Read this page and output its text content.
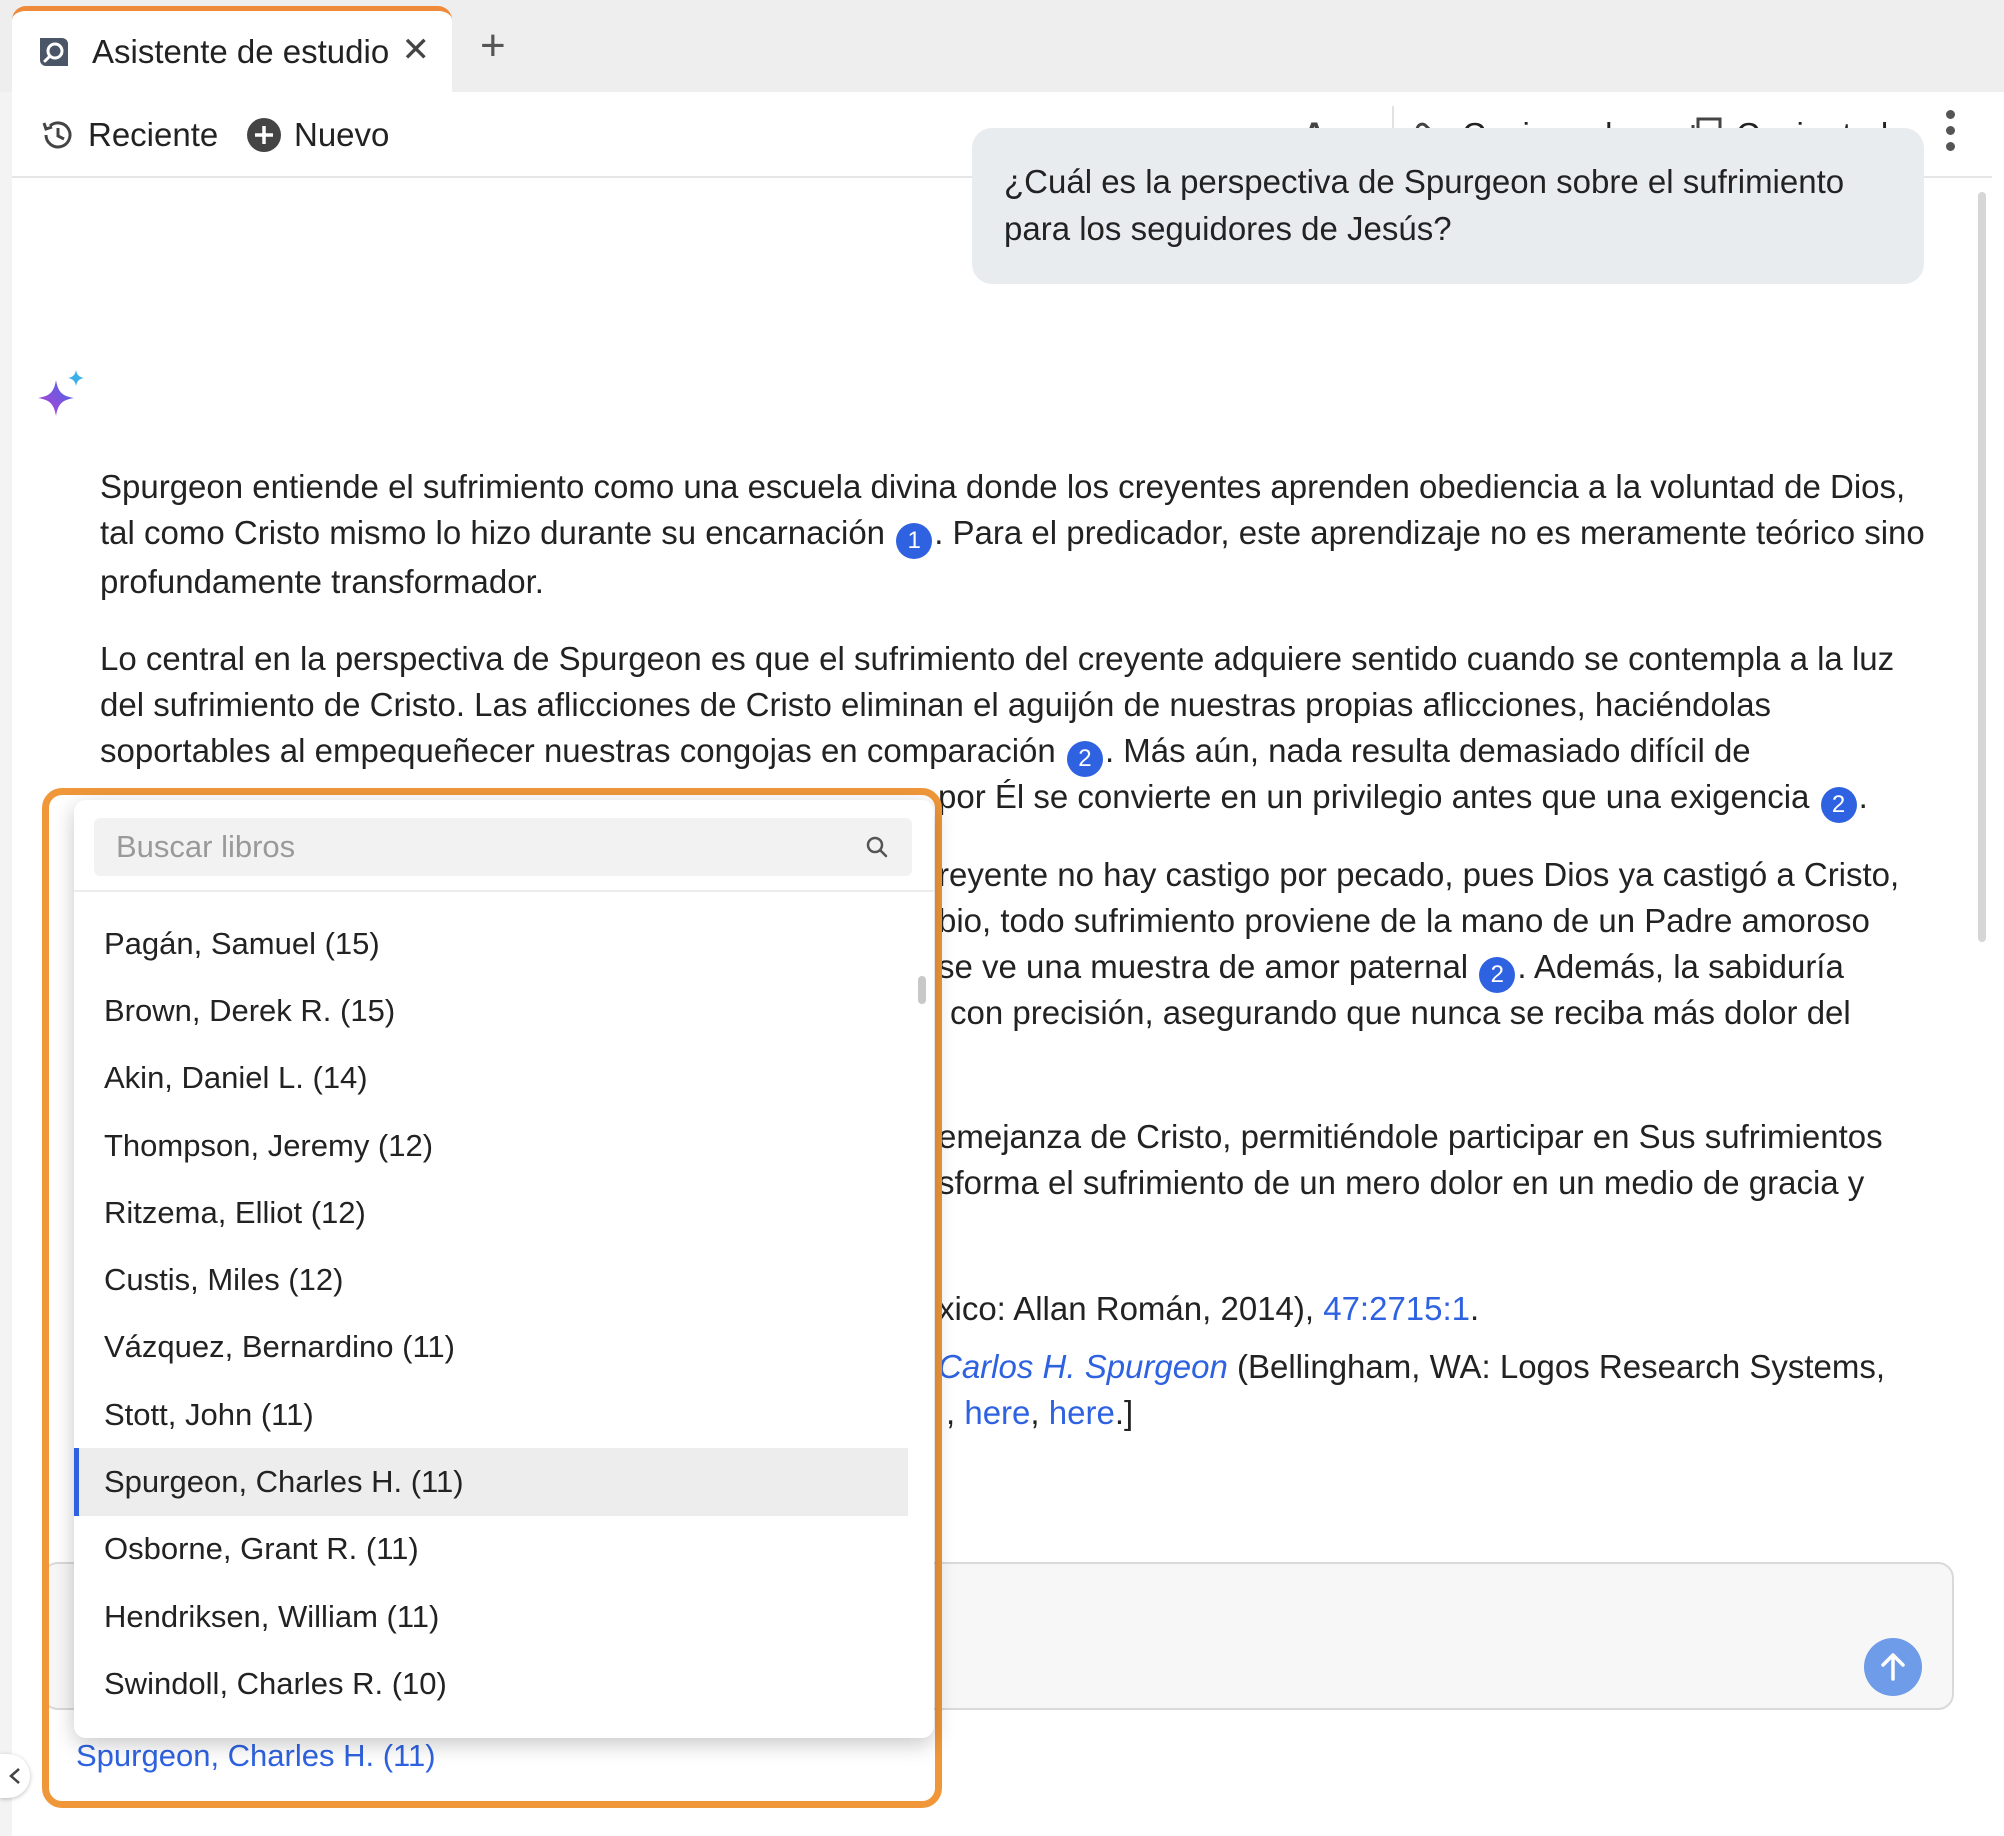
Asistente de estudio ✕ +
Reciente Nuevo
¿Cuál es la perspectiva de Spurgeon sobre el sufrimiento para los seguidores de Jesús?
Spurgeon entiende el sufrimiento como una escuela divina donde los creyentes aprenden obediencia a la voluntad de Dios, tal como Cristo mismo lo hizo durante su encarnación 1 . Para el predicador, este aprendizaje no es meramente teórico sino profundamente transformador.
Lo central en la perspectiva de Spurgeon es que el sufrimiento del creyente adquiere sentido cuando se contempla a la luz del sufrimiento de Cristo. Las aflicciones de Cristo eliminan el aguijón de nuestras propias aflicciones, haciéndolas soportables al empequeñecer nuestras congojas en comparación 2 . Más aún, nada resulta demasiado difícil de
por Él se convierte en un privilegio antes que una exigencia 2 .
reyente no hay castigo por pecado, pues Dios ya castigó a Cristo,
bio, todo sufrimiento proviene de la mano de un Padre amoroso
se ve una muestra de amor paternal 2 . Además, la sabiduría
con precisión, asegurando que nunca se reciba más dolor del
emejanza de Cristo, permitiéndole participar en Sus sufrimientos
sforma el sufrimiento de un mero dolor en un medio de gracia y
xico: Allan Román, 2014), 47:2715:1.
Carlos H. Spurgeon (Bellingham, WA: Logos Research Systems,
, here, here.]
Spurgeon, Charles H. (11)
Buscar libros
Pagán, Samuel (15)
Brown, Derek R. (15)
Akin, Daniel L. (14)
Thompson, Jeremy (12)
Ritzema, Elliot (12)
Custis, Miles (12)
Vázquez, Bernardino (11)
Stott, John (11)
Spurgeon, Charles H. (11)
Osborne, Grant R. (11)
Hendriksen, William (11)
Swindoll, Charles R. (10)
